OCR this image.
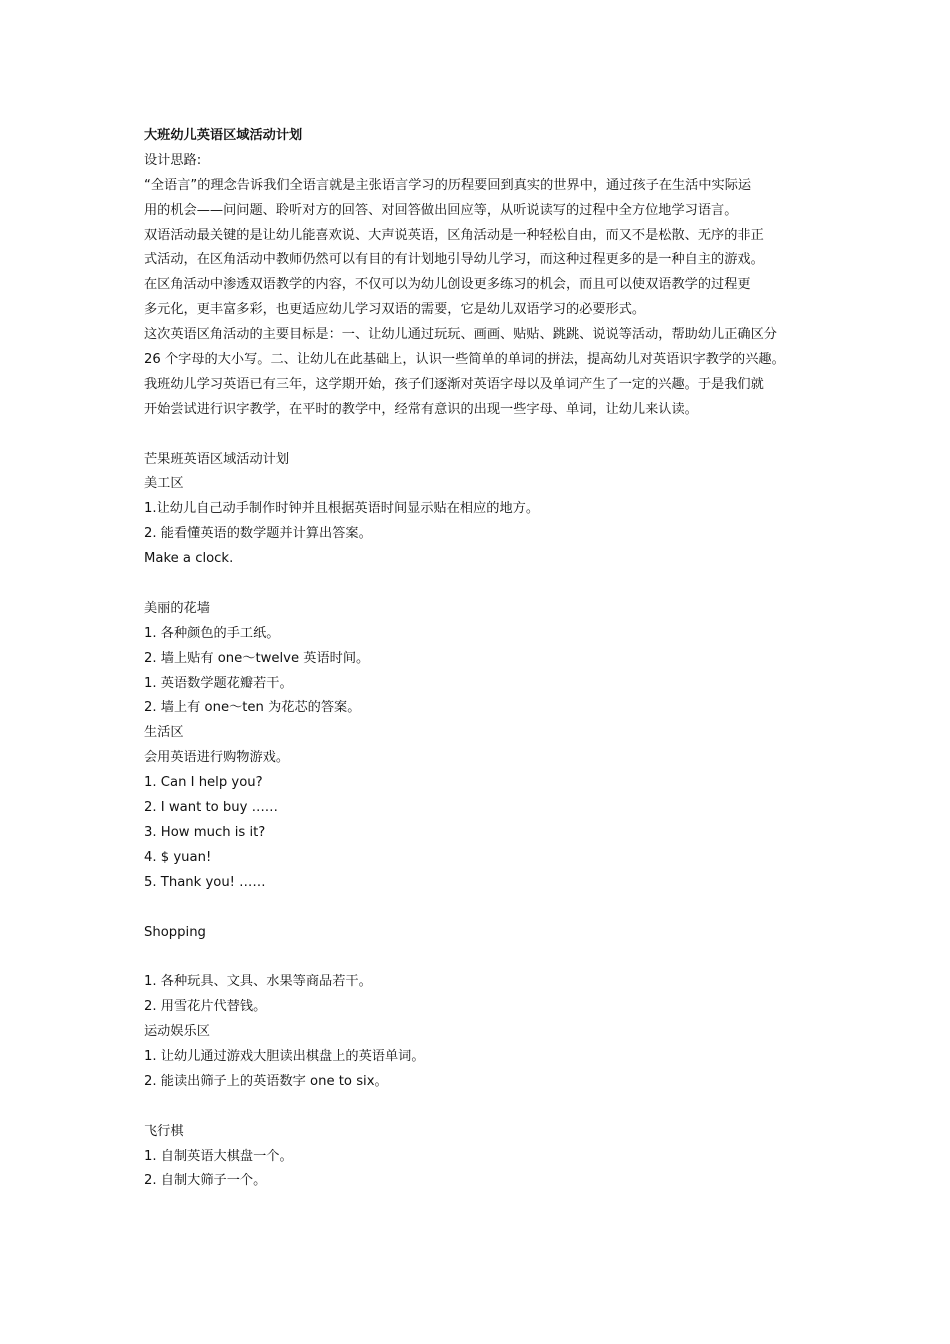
大班幼儿英语区域活动计划
设计思路:
“全语言”的理念告诉我们全语言就是主张语言学习的历程要回到真实的世界中，通过孩子在生活中实际运
用的机会——问问题、聆听对方的回答、对回答做出回应等，从听说读写的过程中全方位地学习语言。
双语活动最关键的是让幼儿能喜欢说、大声说英语，区角活动是一种轻松自由，而又不是松散、无序的非正
式活动，在区角活动中教师仍然可以有目的有计划地引导幼儿学习，而这种过程更多的是一种自主的游戏。
在区角活动中渗透双语教学的内容，不仅可以为幼儿创设更多练习的机会，而且可以使双语教学的过程更
多元化，更丰富多彩，也更适应幼儿学习双语的需要，它是幼儿双语学习的必要形式。
这次英语区角活动的主要目标是：一、让幼儿通过玩玩、画画、贴贴、跳跳、说说等活动，帮助幼儿正确区分
26 个字母的大小写。二、让幼儿在此基础上，认识一些简单的单词的拼法，提高幼儿对英语识字教学的兴趣。
我班幼儿学习英语已有三年，这学期开始，孩子们逐渐对英语字母以及单词产生了一定的兴趣。于是我们就
开始尝试进行识字教学，在平时的教学中，经常有意识的出现一些字母、单词，让幼儿来认读。
芒果班英语区域活动计划
美工区
1.让幼儿自己动手制作时钟并且根据英语时间显示贴在相应的地方。
2. 能看懂英语的数学题并计算出答案。
Make a clock.
美丽的花墙
1. 各种颜色的手工纸。
2. 墙上贴有 one～twelve 英语时间。
1. 英语数学题花瓣若干。
2. 墙上有 one～ten 为花芯的答案。
生活区
会用英语进行购物游戏。
1. Can I help you?
2. I want to buy ……
3. How much is it?
4. $ yuan!
5. Thank you! ……
Shopping
1. 各种玩具、文具、水果等商品若干。
2. 用雪花片代替钱。
运动娱乐区
1. 让幼儿通过游戏大胆读出棋盘上的英语单词。
2. 能读出筛子上的英语数字 one to six。
飞行棋
1. 自制英语大棋盘一个。
2. 自制大筛子一个。
